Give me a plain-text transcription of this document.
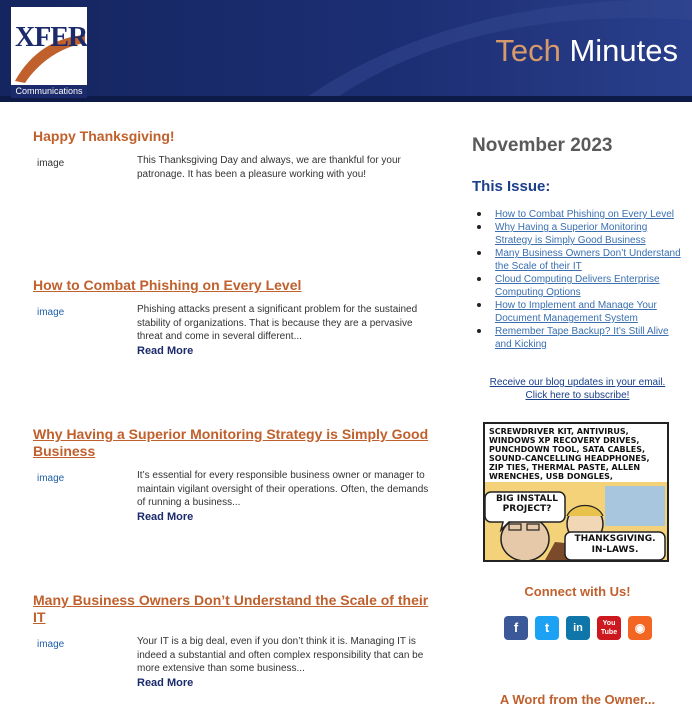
XFER
Communications
Tech Minutes
Happy Thanksgiving!
image	This Thanksgiving Day and always, we are thankful for your patronage. It has been a pleasure working with you!
How to Combat Phishing on Every Level
image	Phishing attacks present a significant problem for the sustained stability of organizations. That is because they are a pervasive threat and come in several different...
Read More
Why Having a Superior Monitoring Strategy is Simply Good Business
image	It’s essential for every responsible business owner or manager to maintain vigilant oversight of their operations. Often, the demands of running a business...
Read More
Many Business Owners Don’t Understand the Scale of their IT
image	Your IT is a big deal, even if you don’t think it is. Managing IT is indeed a substantial and often complex responsibility that can be more extensive than some business...
Read More
November 2023
This Issue:
How to Combat Phishing on Every Level
Why Having a Superior Monitoring Strategy is Simply Good Business
Many Business Owners Don’t Understand the Scale of their IT
Cloud Computing Delivers Enterprise Computing Options
How to Implement and Manage Your Document Management System
Remember Tape Backup? It’s Still Alive and Kicking
Receive our blog updates in your email.
Click here to subscribe!
SCREWDRIVER KIT, ANTIVIRUS, WINDOWS XP RECOVERY DRIVES, PUNCHDOWN TOOL, SATA CABLES, SOUND-CANCELLING HEADPHONES, ZIP TIES, THERMAL PASTE, ALLEN WRENCHES, USB DONGLES,
BIG INSTALL PROJECT?
THANKSGIVING. IN-LAWS.
Connect with Us!
f	t	in	You Tube	◉
A Word from the Owner...
